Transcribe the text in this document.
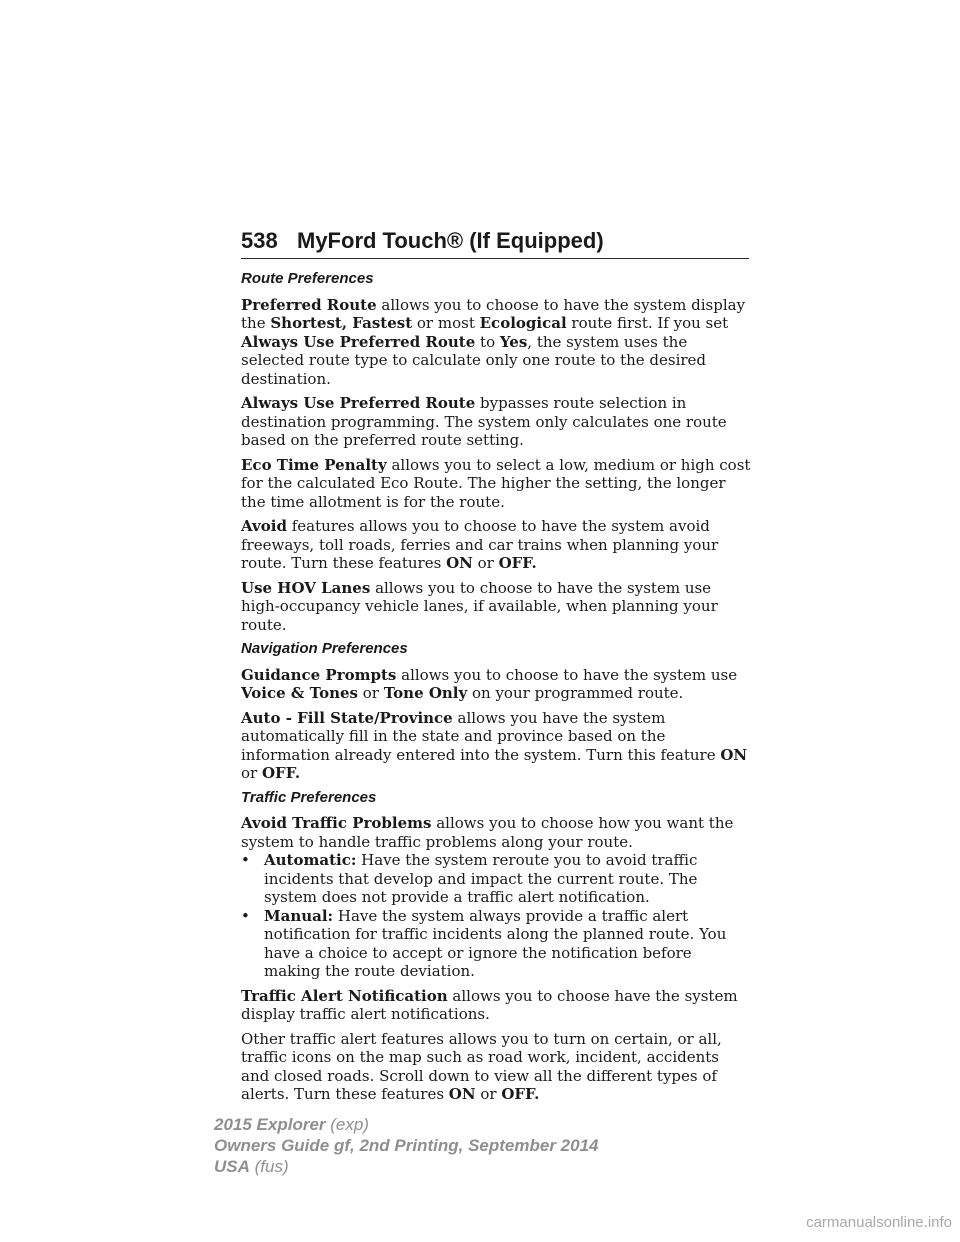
538 MyFord Touch® (If Equipped)
Route Preferences

Preferred Route allows you to choose to have the system display the Shortest, Fastest or most Ecological route first. If you set Always Use Preferred Route to Yes, the system uses the selected route type to calculate only one route to the desired destination.

Always Use Preferred Route bypasses route selection in destination programming. The system only calculates one route based on the preferred route setting.

Eco Time Penalty allows you to select a low, medium or high cost for the calculated Eco Route. The higher the setting, the longer the time allotment is for the route.

Avoid features allows you to choose to have the system avoid freeways, toll roads, ferries and car trains when planning your route. Turn these features ON or OFF.

Use HOV Lanes allows you to choose to have the system use high-occupancy vehicle lanes, if available, when planning your route.

Navigation Preferences

Guidance Prompts allows you to choose to have the system use Voice & Tones or Tone Only on your programmed route.

Auto - Fill State/Province allows you have the system automatically fill in the state and province based on the information already entered into the system. Turn this feature ON or OFF.

Traffic Preferences

Avoid Traffic Problems allows you to choose how you want the system to handle traffic problems along your route.

• Automatic: Have the system reroute you to avoid traffic incidents that develop and impact the current route. The system does not provide a traffic alert notification.
• Manual: Have the system always provide a traffic alert notification for traffic incidents along the planned route. You have a choice to accept or ignore the notification before making the route deviation.

Traffic Alert Notification allows you to choose have the system display traffic alert notifications.

Other traffic alert features allows you to turn on certain, or all, traffic icons on the map such as road work, incident, accidents and closed roads. Scroll down to view all the different types of alerts. Turn these features ON or OFF.

2015 Explorer (exp)
Owners Guide gf, 2nd Printing, September 2014
USA (fus)
carmanualsonline.info
